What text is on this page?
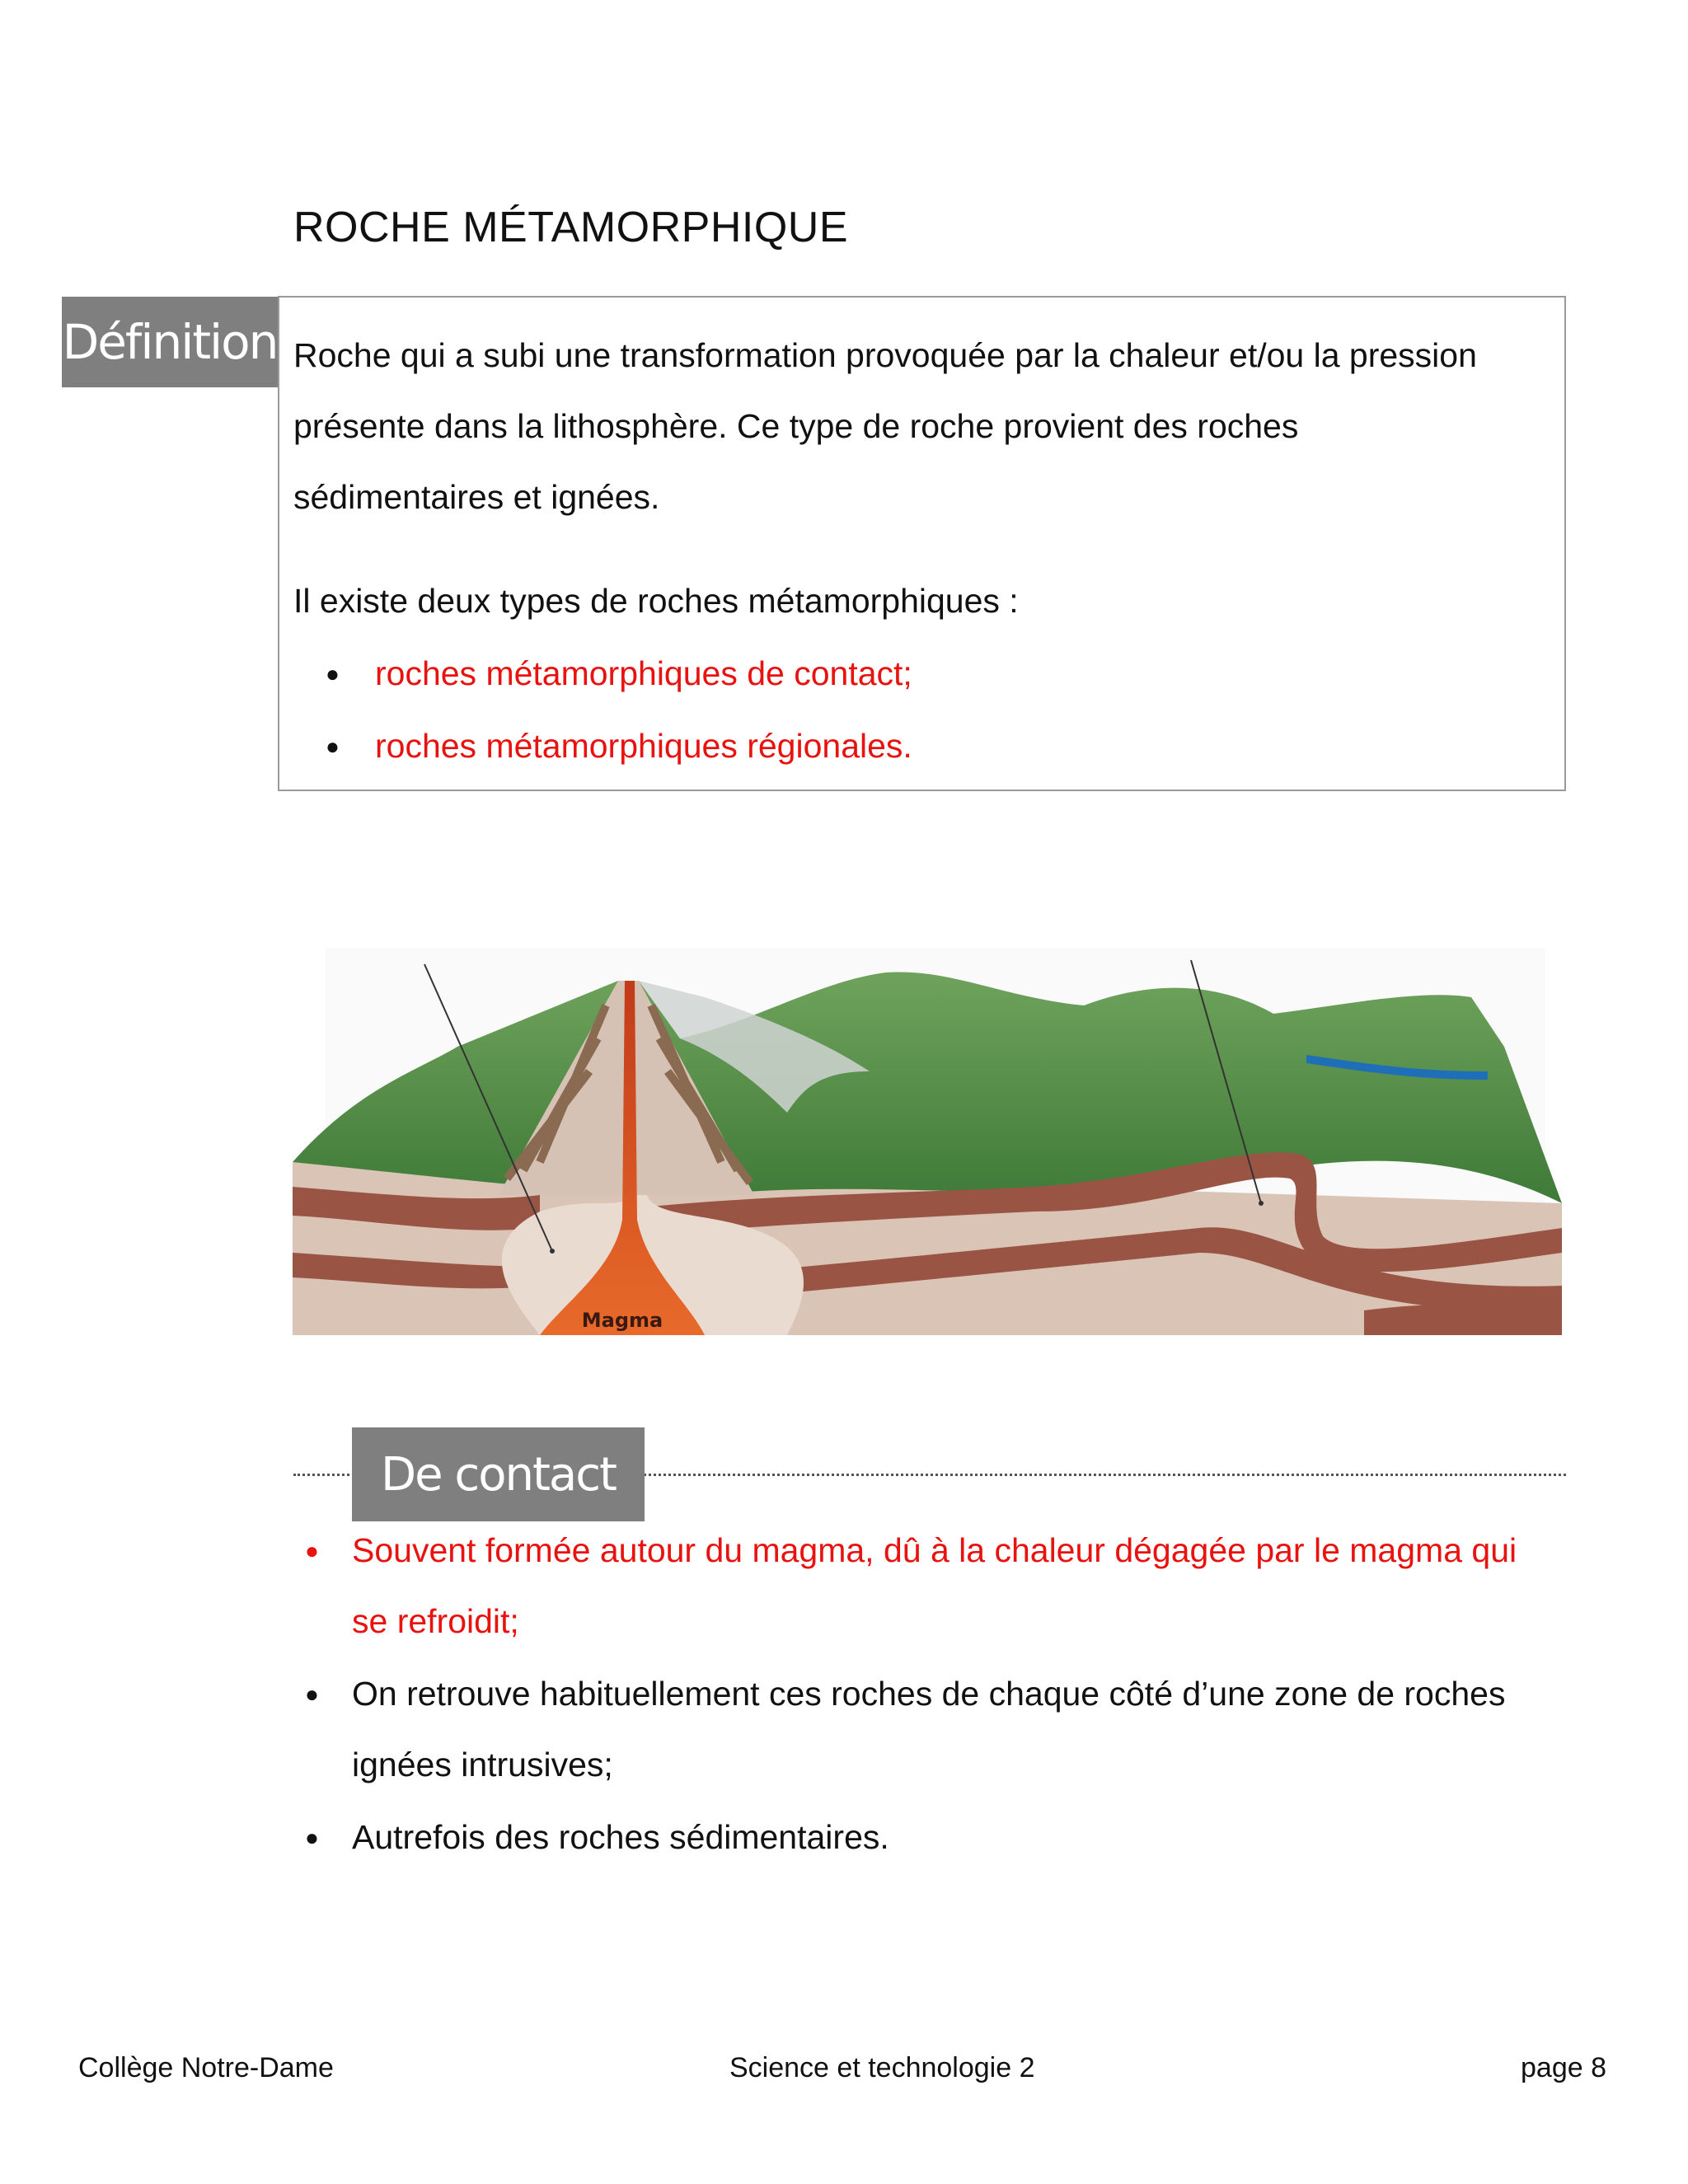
ROCHE MÉTAMORPHIQUE
Définition Roche qui a subi une transformation provoquée par la chaleur et/ou la pression
présente dans la lithosphère. Ce type de roche provient des roches
sédimentaires et ignées.
Il existe deux types de roches métamorphiques :
● roches métamorphiques de contact;
● roches métamorphiques régionales.
Magma
De contact
● Souvent formée autour du magma, dû à la chaleur dégagée par le magma qui
se refroidit;
● On retrouve habituellement ces roches de chaque côté d’une zone de roches
ignées intrusives;
● Autrefois des roches sédimentaires.
Collège Notre-Dame	Science et technologie 2	page 8
